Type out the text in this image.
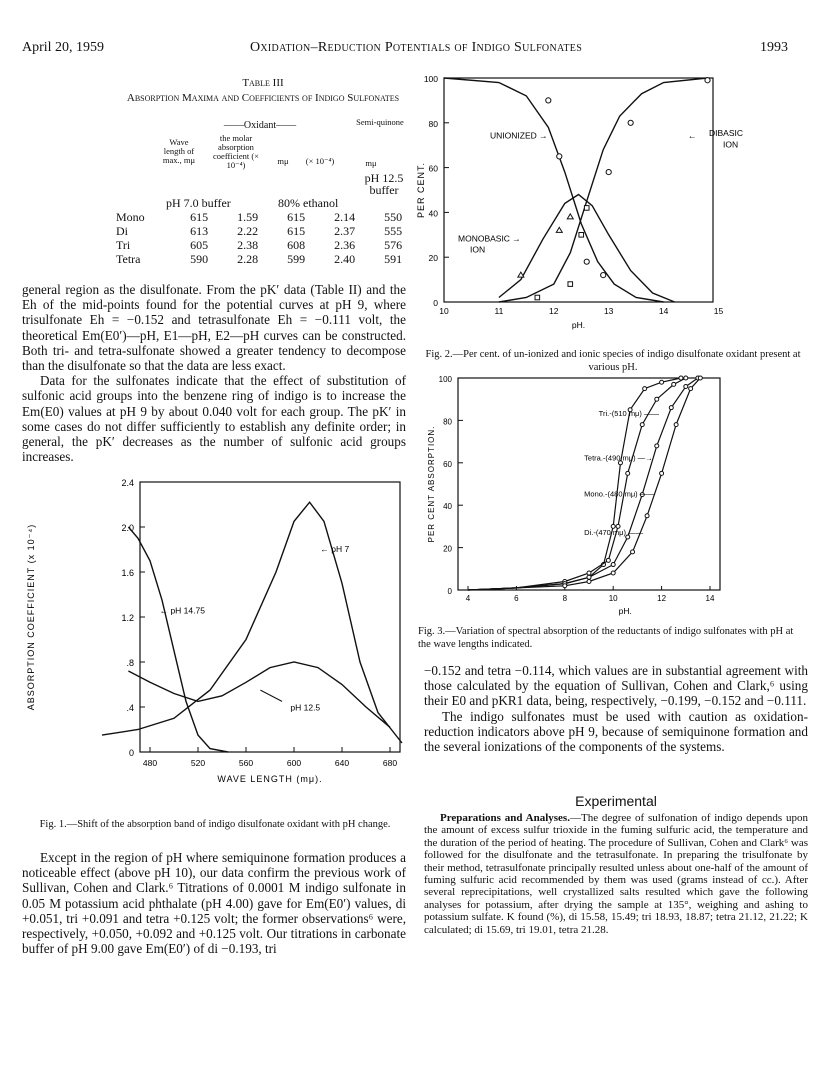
April 20, 1959	Oxidation–Reduction Potentials of Indigo Sulfonates	1993
Table III
Absorption Maxima and Coefficients of Indigo Sulfonates
——Oxidant——	Semi-quinone
Wave length of max., mμ
the molar absorption coefficient (× 10⁻⁴)	mμ	(× 10⁻⁴)	mμ
pH 7.0 buffer	80% ethanol
pH 12.5 buffer
Mono	615	1.59	615	2.14	550
Di	613	2.22	615	2.37	555
Tri	605	2.38	608	2.36	576
Tetra	590	2.28	599	2.40	591

general region as the disulfonate. From the pK′ data (Table II) and the Eh of the mid-points found for the potential curves at pH 9, where trisulfonate Eh = −0.152 and tetrasulfonate Eh = −0.111 volt, the theoretical Em(E0′)—pH, E1—pH, E2—pH curves can be constructed. Both tri- and tetra-sulfonate showed a greater tendency to decompose than the disulfonate so that the data are less exact.

Data for the sulfonates indicate that the effect of substitution of sulfonic acid groups into the benzene ring of indigo is to increase the Em(E0) values at pH 9 by about 0.040 volt for each group. The pK′ in some cases do not differ sufficiently to establish any definite order; in general, the pK′ decreases as the number of sulfonic acid groups increases.

0
.4
.8
1.2
1.6
2.0
2.4
480	520	560	600	640	680
WAVE LENGTH (mμ).
ABSORPTION COEFFICIENT (x 10⁻⁴)	← pH 7
← pH 14.75
pH 12.5
Fig. 1.—Shift of the absorption band of indigo disulfonate oxidant with pH change.

Except in the region of pH where semiquinone formation produces a noticeable effect (above pH 10), our data confirm the previous work of Sullivan, Cohen and Clark.⁶ Titrations of 0.0001 M indigo sulfonate in 0.05 M potassium acid phthalate (pH 4.00) gave for Em(E0′) values, di +0.051, tri +0.091 and tetra +0.125 volt; the former observations⁶ were, respectively, +0.050, +0.092 and +0.125 volt. Our titrations in carbonate buffer of pH 9.00 gave Em(E0′) of di −0.193, tri

0
20
40
60
80
100
10	11	12	13	14	15
pH.
PER CENT.
UNIONIZED →	← DIBASIC
ION
MONOBASIC →
ION
Fig. 2.—Per cent. of un-ionized and ionic species of indigo disulfonate oxidant present at various pH.
0
20
40
60
80
100
4	6	8	10	12	14
pH.
PER CENT ABSORPTION.
Tri.-(510 mμ) ——
Tetra.-(490 mμ) —→
Mono.-(480 mμ) ——
Di.-(470 mμ) ——
Fig. 3.—Variation of spectral absorption of the reductants of indigo sulfonates with pH at the wave lengths indicated.

−0.152 and tetra −0.114, which values are in substantial agreement with those calculated by the equation of Sullivan, Cohen and Clark,⁶ using their E0 and pKR1 data, being, respectively, −0.199, −0.152 and −0.111.

The indigo sulfonates must be used with caution as oxidation-reduction indicators above pH 9, because of semiquinone formation and the several ionizations of the components of the systems.

Experimental
Preparations and Analyses.—The degree of sulfonation of indigo depends upon the amount of excess sulfur trioxide in the fuming sulfuric acid, the temperature and the duration of the period of heating. The procedure of Sullivan, Cohen and Clark⁶ was followed for the disulfonate and the tetrasulfonate. In preparing the trisulfonate by their method, tetrasulfonate principally resulted unless about one-half of the amount of fuming sulfuric acid recommended by them was used (grams instead of cc.). After several reprecipitations, well crystallized salts resulted which gave the following analyses for potassium, after drying the sample at 135°, weighing and ashing to potassium sulfate. K found (%), di 15.58, 15.49; tri 18.93, 18.87; tetra 21.12, 21.22; K calculated; di 15.69, tri 19.01, tetra 21.28.
